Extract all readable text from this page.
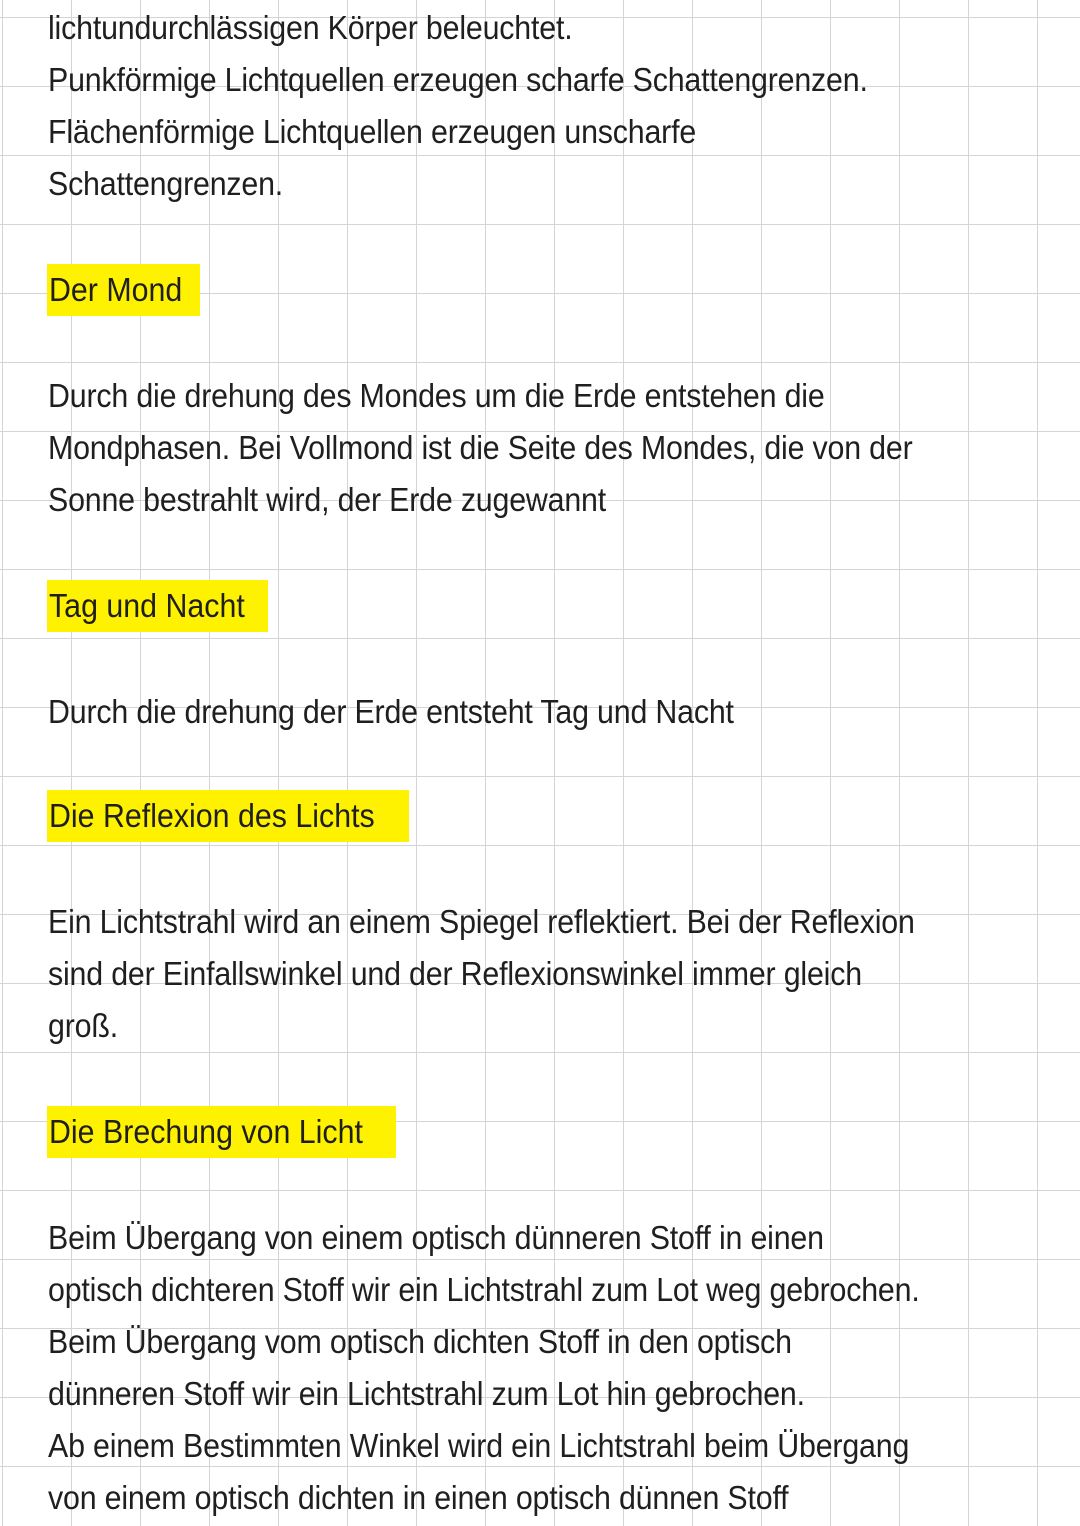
lichtundurchlässigen Körper beleuchtet.
Punkförmige Lichtquellen erzeugen scharfe Schattengrenzen.
Flächenförmige Lichtquellen erzeugen unscharfe
Schattengrenzen.
Der Mond
Durch die drehung des Mondes um die Erde entstehen die
Mondphasen. Bei Vollmond ist die Seite des Mondes, die von der
Sonne bestrahlt wird, der Erde zugewannt
Tag und Nacht
Durch die drehung der Erde entsteht Tag und Nacht
Die Reflexion des Lichts
Ein Lichtstrahl wird an einem Spiegel reflektiert. Bei der Reflexion
sind der Einfallswinkel und der Reflexionswinkel immer gleich
groß.
Die Brechung von Licht
Beim Übergang von einem optisch dünneren Stoff in einen
optisch dichteren Stoff wir ein Lichtstrahl zum Lot weg gebrochen.
Beim Übergang vom optisch dichten Stoff in den optisch
dünneren Stoff wir ein Lichtstrahl zum Lot hin gebrochen.
Ab einem Bestimmten Winkel wird ein Lichtstrahl beim Übergang
von einem optisch dichten in einen optisch dünnen Stoff
